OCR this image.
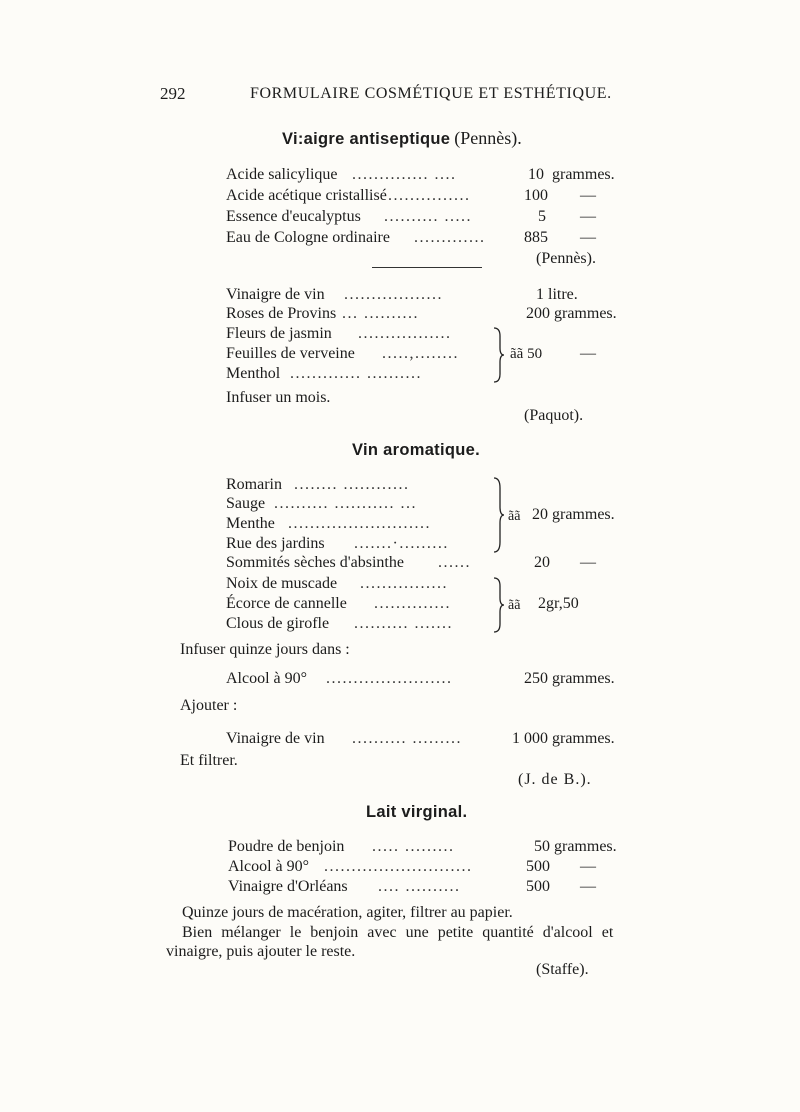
292	FORMULAIRE COSMÉTIQUE ET ESTHÉTIQUE.
Vi:aigre antiseptique (Pennès).
Acide salicylique .............. ....	10 grammes.
Acide acétique cristallisé ...............	100 —
Essence d'eucalyptus .......... .....	5 —
Eau de Cologne ordinaire .............	885 —
(Pennès).
Vinaigre de vin ..................	1 litre.
Roses de Provins ... ..........	200 grammes.
Fleurs de jasmin .................
Feuilles de verveine .....,........
Menthol ............. ..........
ãã 50 —
Infuser un mois.
(Paquot).
Vin aromatique.
Romarin ........ ............
Sauge .......... ........... ...
Menthe ..........................
Rue des jardins .......·.........
ãã 20 grammes.
Sommités sèches d'absinthe ......	20 —
Noix de muscade ................
Écorce de cannelle ..............
Clous de girofle .......... .......
ãã 2gr,50
Infuser quinze jours dans :
Alcool à 90° .......................	250 grammes.
Ajouter :
Vinaigre de vin .......... .........	1 000 grammes.
Et filtrer.
(J. de B.).
Lait virginal.
Poudre de benjoin ..... .........	50 grammes.
Alcool à 90° ...........................	500 —
Vinaigre d'Orléans .... ..........	500 —
Quinze jours de macération, agiter, filtrer au papier.
Bien mélanger le benjoin avec une petite quantité d'alcool et
vinaigre, puis ajouter le reste.
(Staffe).
